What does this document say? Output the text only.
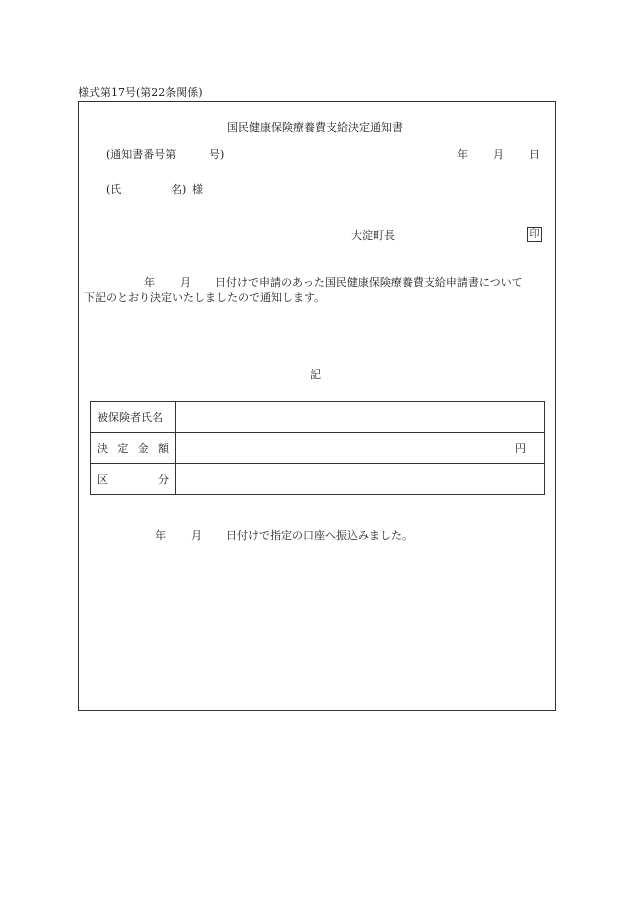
様式第17号(第22条関係)
国民健康保険療養費支給決定通知書
(通知書番号第	号)	年 月 日
(氏	名) 様
大淀町長	印
年 月 日付けで申請のあった国民健康保険療養費支給申請書について
下記のとおり決定いたしましたので通知します。
記
被保険者氏名	

決 定 金 額	円

区 分	

年 月 日付けで指定の口座へ振込みました。
